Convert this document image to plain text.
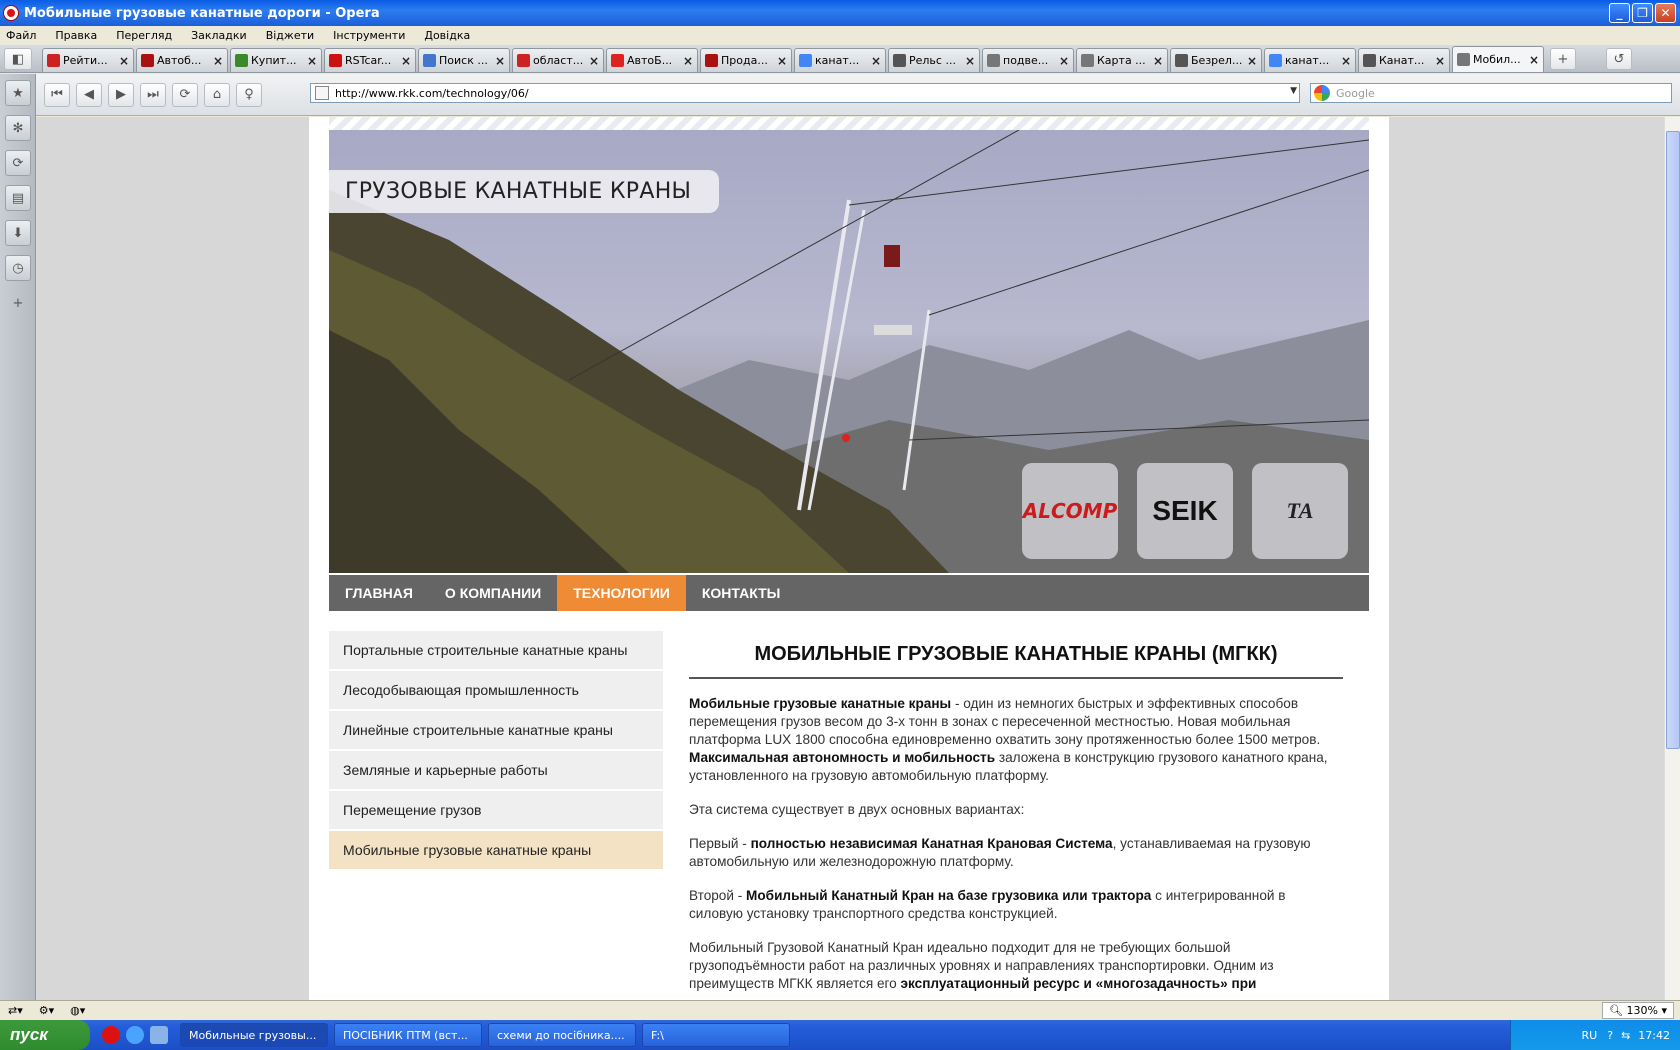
Мобильные грузовые канатные дороги - Opera	_	❐	✕
Файл Правка Перегляд Закладки Віджети Інструменти Довідка
◧	Рейти... ×	Автоб... ×	Купит... ×	RSTcar... ×	Поиск ... ×	област... ×	АвтоБ... ×	Прода... ×	канат... ×	Рельс ... ×	подве... ×	Карта ... ×	Безрел... ×	канат... ×	Канат... ×	Мобил... ×	+	↺
★
✻
⟳
▤
⬇
◷
+
⏮	◀	▶	⏭	⟳	⌂	♀	http://www.rkk.com/technology/06/	▼	Google
ГРУЗОВЫЕ КАНАТНЫЕ КРАНЫ
ALCOMP	SEIK	TA
ГЛАВНАЯ	О КОМПАНИИ	ТЕХНОЛОГИИ	КОНТАКТЫ
Портальные строительные канатные краны
Лесодобывающая промышленность
Линейные строительные канатные краны
Земляные и карьерные работы
Перемещение грузов
Мобильные грузовые канатные краны
МОБИЛЬНЫЕ ГРУЗОВЫЕ КАНАТНЫЕ КРАНЫ (МГКК)

Мобильные грузовые канатные краны - один из немногих быстрых и эффективных способов перемещения грузов весом до 3-х тонн в зонах с пересеченной местностью. Новая мобильная платформа LUX 1800 способна единовременно охватить зону протяженностью более 1500 метров. Максимальная автономность и мобильность заложена в конструкцию грузового канатного крана, установленного на грузовую автомобильную платформу.

Эта система существует в двух основных вариантах:

Первый - полностью независимая Канатная Крановая Система, устанавливаемая на грузовую автомобильную или железнодорожную платформу.

Второй - Мобильный Канатный Кран на базе грузовика или трактора с интегрированной в силовую установку транспортного средства конструкцией.

Мобильный Грузовой Канатный Кран идеально подходит для не требующих большой грузоподъёмности работ на различных уровнях и направлениях транспортировки. Одним из преимуществ МГКК является его эксплуатационный ресурс и «многозадачность» при

⇄▾ ⚙▾ ◍▾	🔍︎
130% ▾
пуск	Мобильные грузовы...	ПОСІБНИК ПТМ (вст...	схеми до посібника....	F:\	RU ? ⇆ 17:42
